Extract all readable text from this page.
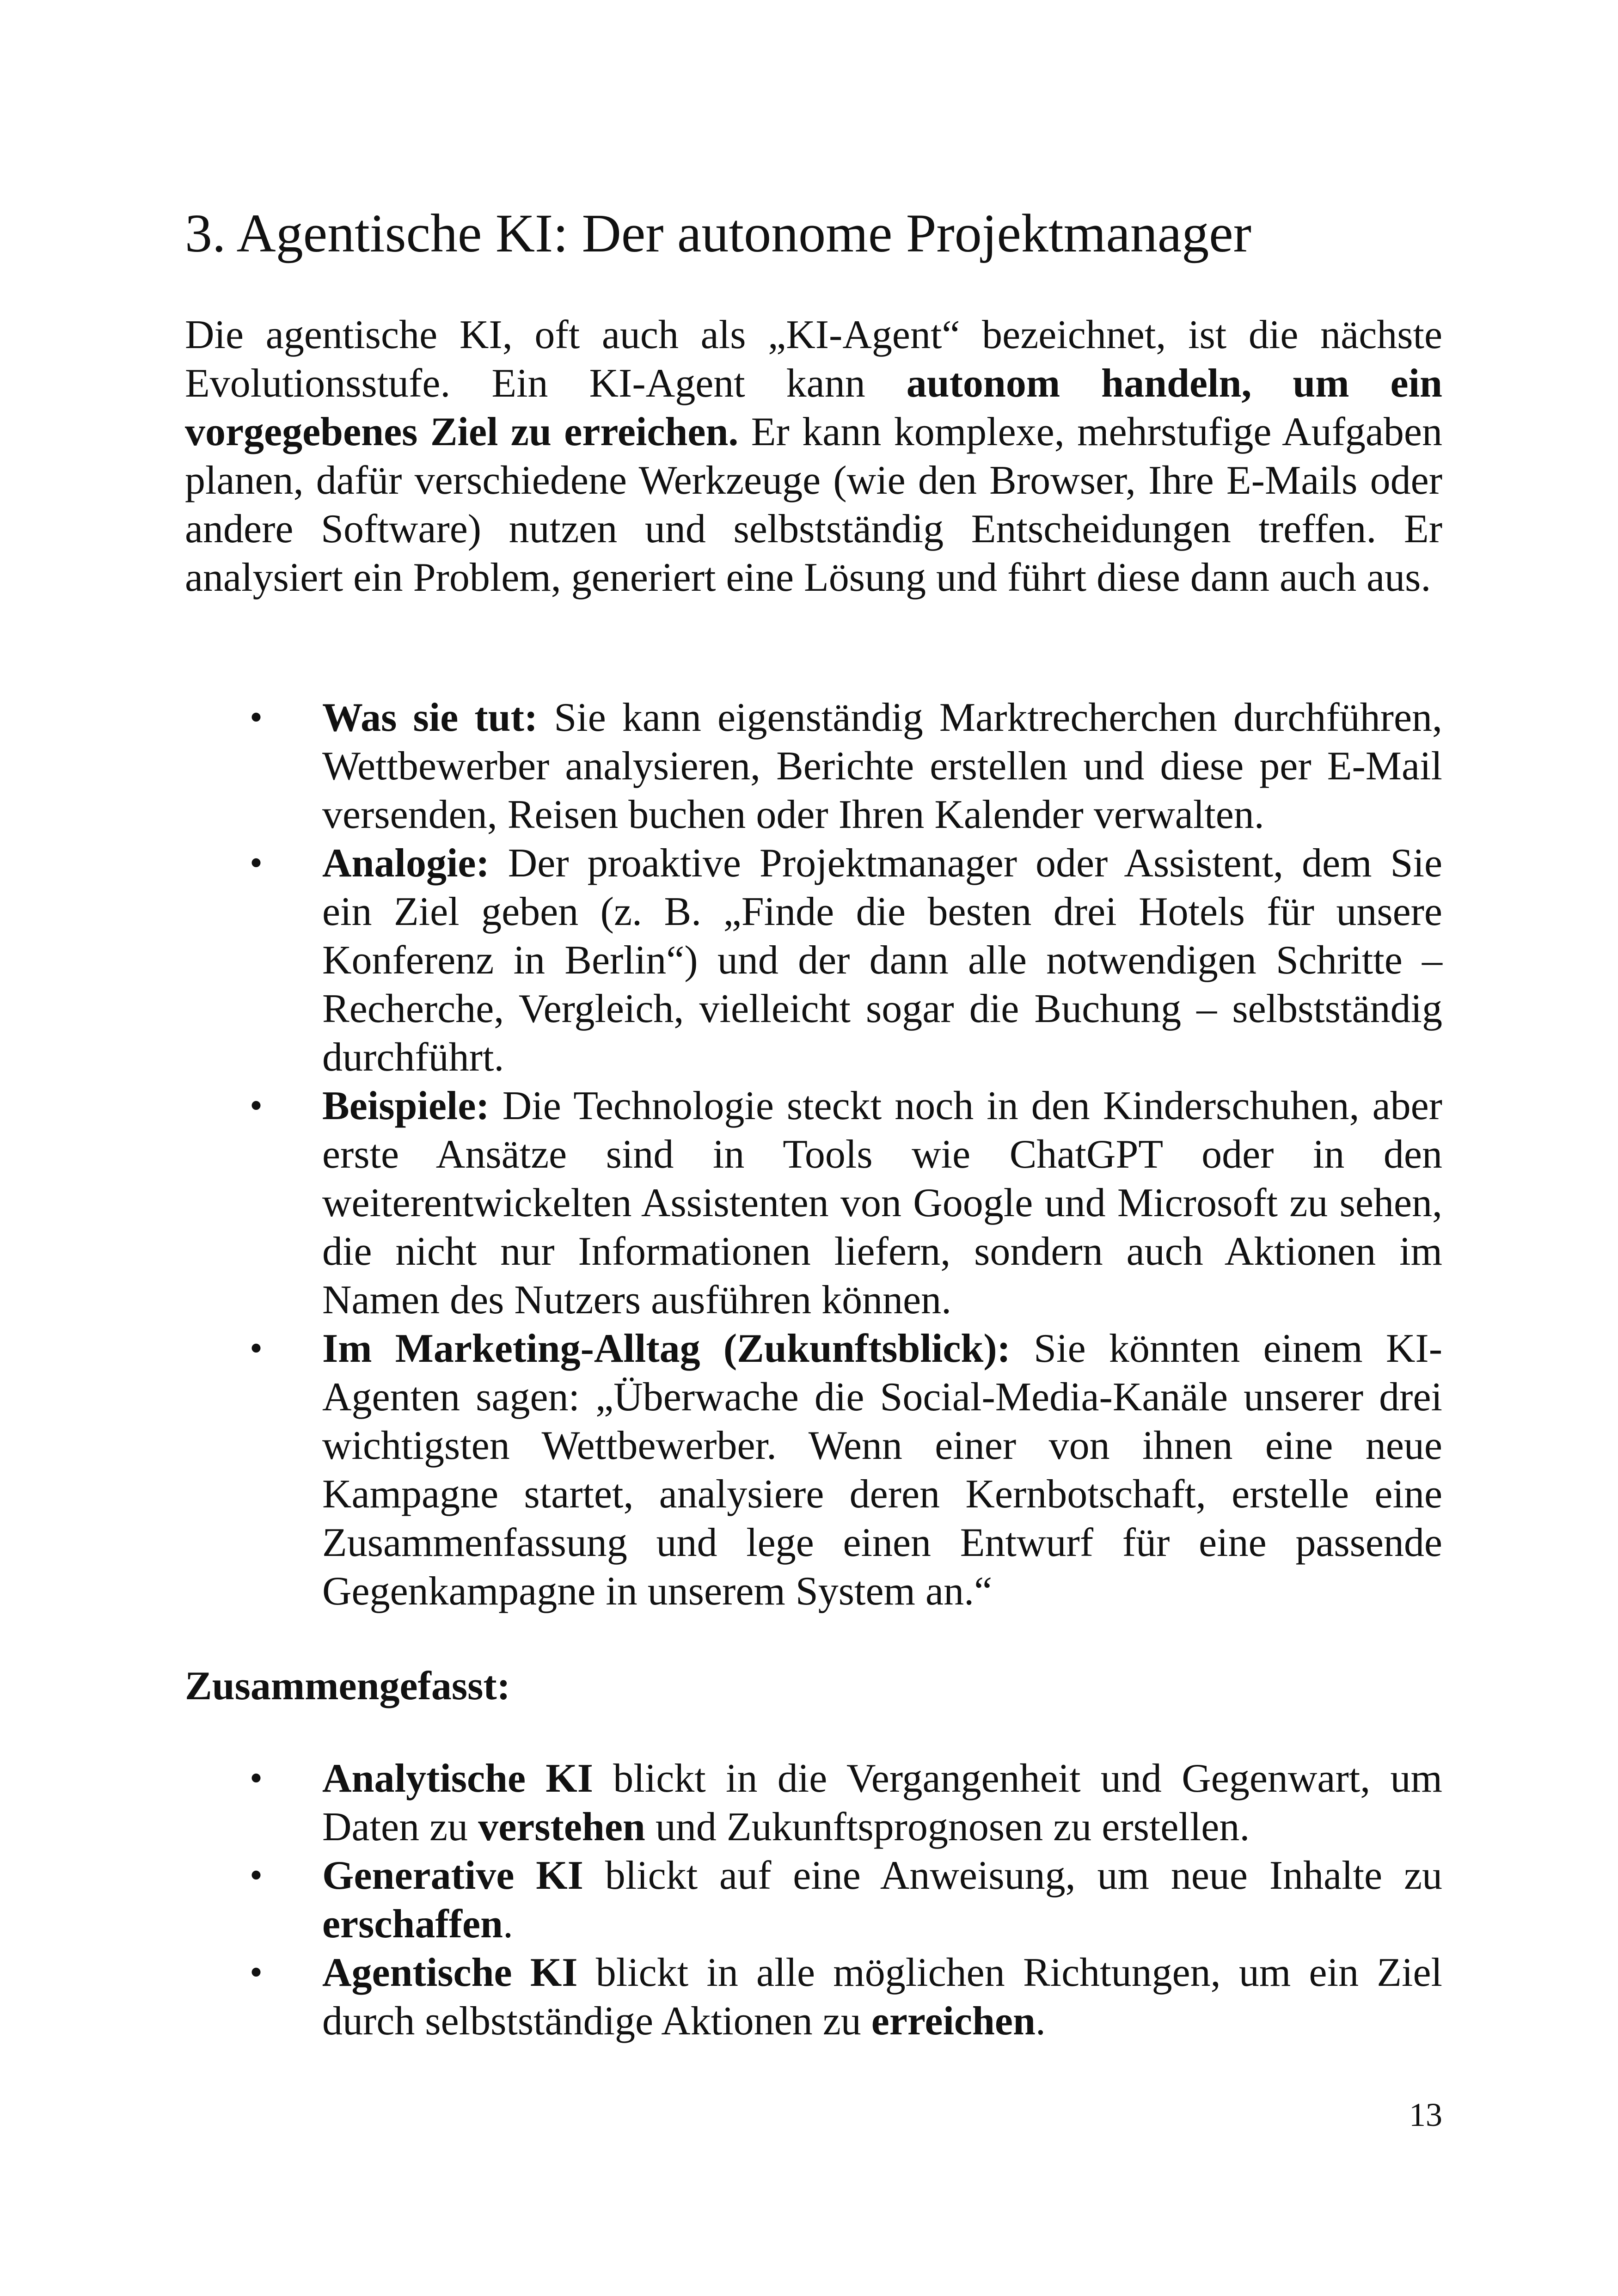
3. Agentische KI: Der autonome Projektmanager

Die agentische KI, oft auch als „KI-Agent“ bezeichnet, ist die nächste Evolutionsstufe. Ein KI-Agent kann autonom handeln, um ein vorgegebenes Ziel zu erreichen. Er kann komplexe, mehrstufige Aufgaben planen, dafür verschiedene Werkzeuge (wie den Browser, Ihre E-Mails oder andere Software) nutzen und selbstständig Entscheidungen treffen. Er analysiert ein Problem, generiert eine Lösung und führt diese dann auch aus.

• Was sie tut: Sie kann eigenständig Marktrecherchen durchführen, Wettbewerber analysieren, Berichte erstellen und diese per E-Mail versenden, Reisen buchen oder Ihren Kalender verwalten.
• Analogie: Der proaktive Projektmanager oder Assistent, dem Sie ein Ziel geben (z. B. „Finde die besten drei Hotels für unsere Konferenz in Berlin“) und der dann alle notwendigen Schritte – Recherche, Vergleich, vielleicht sogar die Buchung – selbstständig durchführt.
• Beispiele: Die Technologie steckt noch in den Kinderschuhen, aber erste Ansätze sind in Tools wie ChatGPT oder in den weiterentwickelten Assistenten von Google und Microsoft zu sehen, die nicht nur Informationen liefern, sondern auch Aktionen im Namen des Nutzers ausführen können.
• Im Marketing-Alltag (Zukunftsblick): Sie könnten einem KI-Agenten sagen: „Überwache die Social-Media-Kanäle unserer drei wichtigsten Wettbewerber. Wenn einer von ihnen eine neue Kampagne startet, analysiere deren Kernbotschaft, erstelle eine Zusammenfassung und lege einen Entwurf für eine passende Gegenkampagne in unserem System an.“
Zusammengefasst:
• Analytische KI blickt in die Vergangenheit und Gegenwart, um Daten zu verstehen und Zukunftsprognosen zu erstellen.
• Generative KI blickt auf eine Anweisung, um neue Inhalte zu erschaffen.
• Agentische KI blickt in alle möglichen Richtungen, um ein Ziel durch selbstständige Aktionen zu erreichen.
13
